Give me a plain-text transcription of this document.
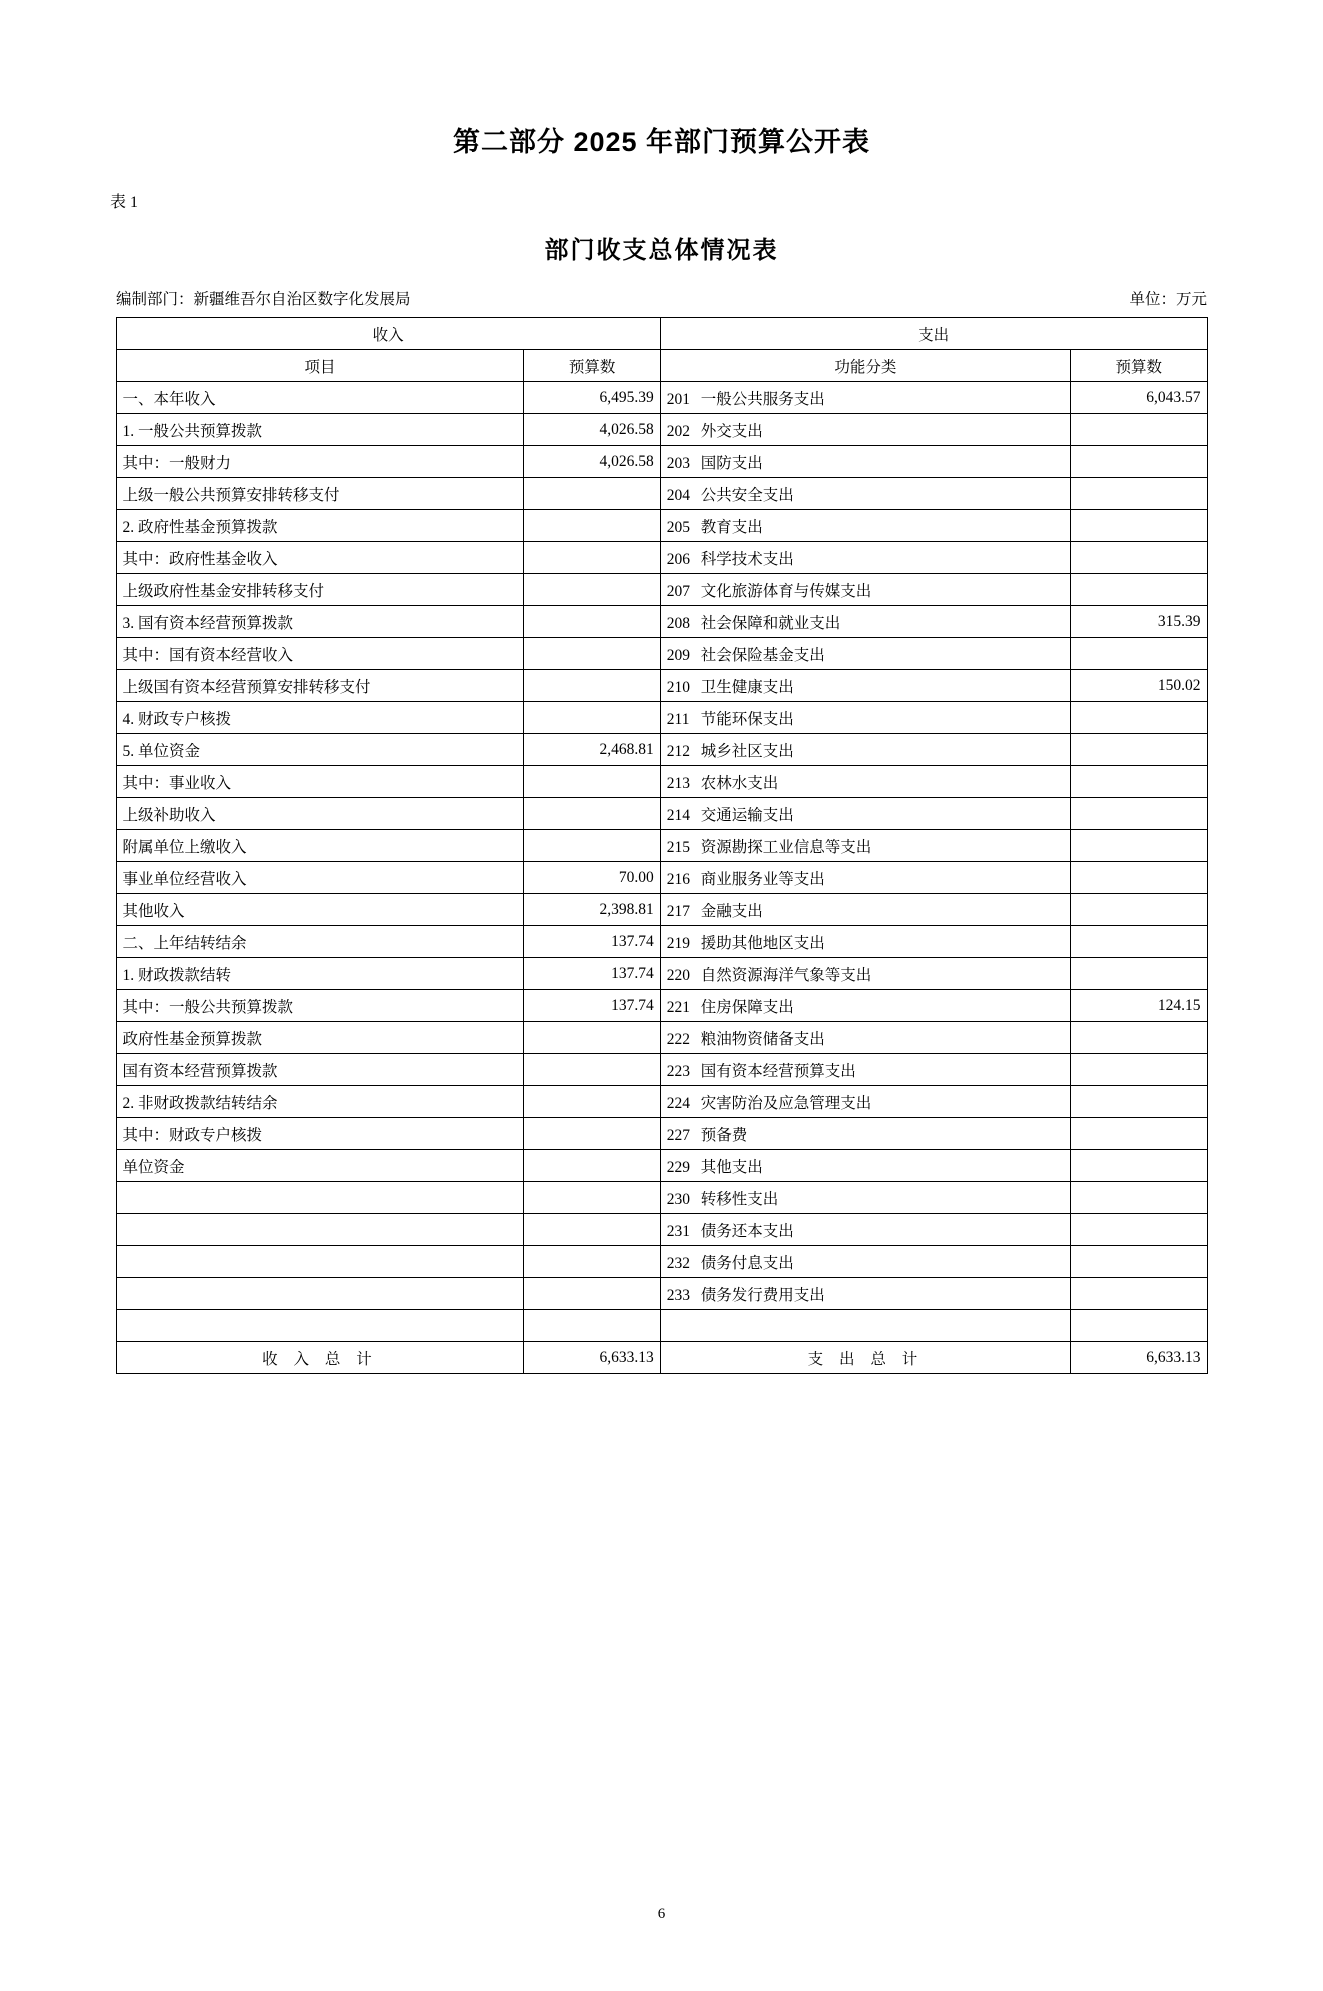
第二部分 2025 年部门预算公开表
表 1
部门收支总体情况表
编制部门：新疆维吾尔自治区数字化发展局	单位：万元
收入		支出	
项目	预算数	功能分类	预算数
一、本年收入	6,495.39	201 一般公共服务支出	6,043.57
1. 一般公共预算拨款	4,026.58	202 外交支出	
其中：一般财力	4,026.58	203 国防支出	
上级一般公共预算安排转移支付		204 公共安全支出	
2. 政府性基金预算拨款		205 教育支出	
其中：政府性基金收入		206 科学技术支出	
上级政府性基金安排转移支付		207 文化旅游体育与传媒支出	
3. 国有资本经营预算拨款		208 社会保障和就业支出	315.39
其中：国有资本经营收入		209 社会保险基金支出	
上级国有资本经营预算安排转移支付		210 卫生健康支出	150.02
4. 财政专户核拨		211 节能环保支出	
5. 单位资金	2,468.81	212 城乡社区支出	
其中：事业收入		213 农林水支出	
上级补助收入		214 交通运输支出	
附属单位上缴收入		215 资源勘探工业信息等支出	
事业单位经营收入	70.00	216 商业服务业等支出	
其他收入	2,398.81	217 金融支出	
二、上年结转结余	137.74	219 援助其他地区支出	
1. 财政拨款结转	137.74	220 自然资源海洋气象等支出	
其中：一般公共预算拨款	137.74	221 住房保障支出	124.15
政府性基金预算拨款		222 粮油物资储备支出	
国有资本经营预算拨款		223 国有资本经营预算支出	
2. 非财政拨款结转结余		224 灾害防治及应急管理支出	
其中：财政专户核拨		227 预备费	
单位资金		229 其他支出	
		230 转移性支出	
		231 债务还本支出	
		232 债务付息支出	
		233 债务发行费用支出	

收 入 总 计	6,633.13	支 出 总 计	6,633.13
6
